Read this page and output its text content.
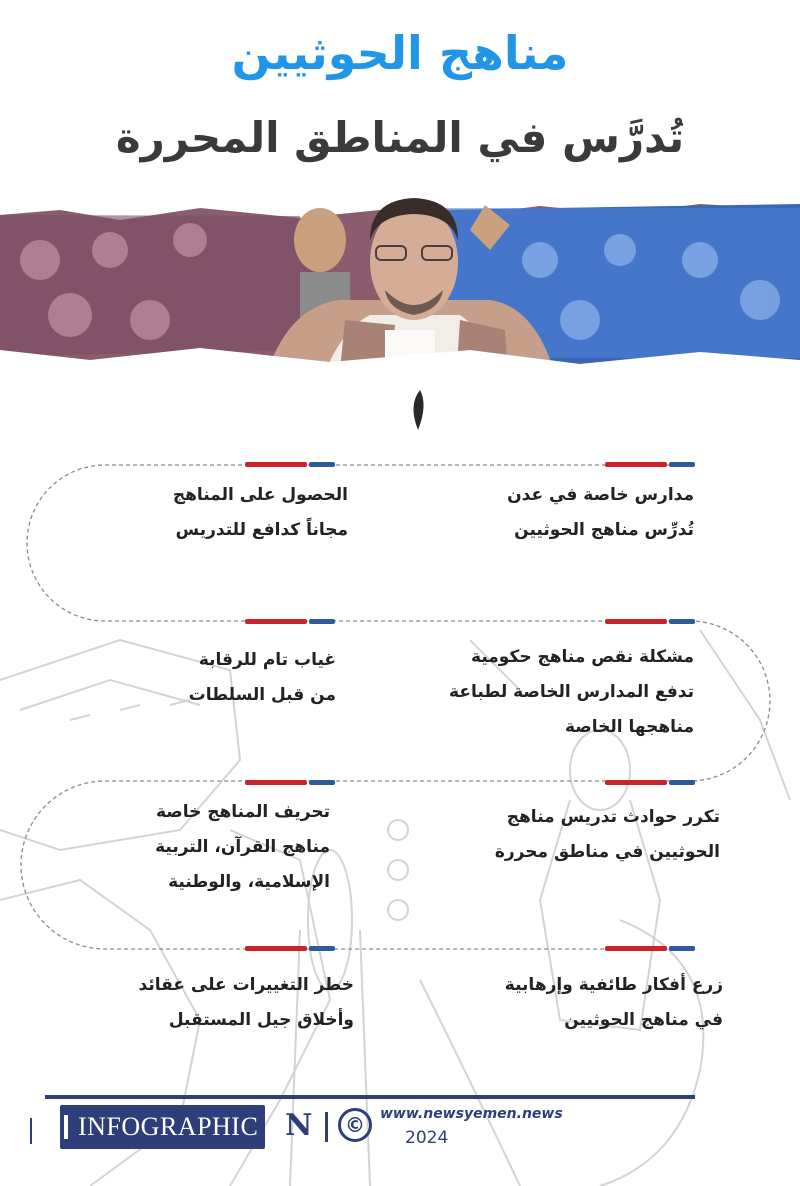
مناهج الحوثيين
تُدرَّس في المناطق المحررة
مدارس خاصة في عدن
تُدرِّس مناهج الحوثيين
الحصول على المناهج
مجاناً كدافع للتدريس
مشكلة نقص مناهج حكومية
تدفع المدارس الخاصة لطباعة
مناهجها الخاصة
غياب تام للرقابة
من قبل السلطات
تكرر حوادث تدريس مناهج
الحوثيين في مناطق محررة
تحريف المناهج خاصة
مناهج القرآن، التربية
الإسلامية، والوطنية
زرع أفكار طائفية وإرهابية
في مناهج الحوثيين
خطر التغييرات على عقائد
وأخلاق جيل المستقبل
INFOGRAPHIC N	©	www.newsyemen.news
2024
